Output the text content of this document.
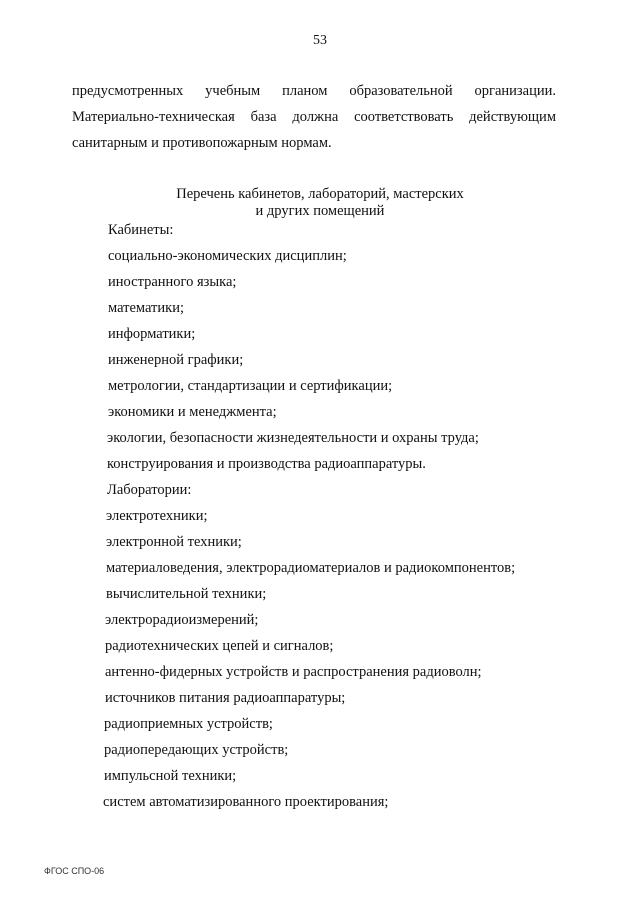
53
предусмотренных учебным планом образовательной организации.
Материально-техническая база должна соответствовать действующим
санитарным и противопожарным нормам.
Перечень кабинетов, лабораторий, мастерских
и других помещений
Кабинеты:
социально-экономических дисциплин;
иностранного языка;
математики;
информатики;
инженерной графики;
метрологии, стандартизации и сертификации;
экономики и менеджмента;
экологии, безопасности жизнедеятельности и охраны труда;
конструирования и производства радиоаппаратуры.
Лаборатории:
электротехники;
электронной техники;
материаловедения, электрорадиоматериалов и радиокомпонентов;
вычислительной техники;
электрорадиоизмерений;
радиотехнических цепей и сигналов;
антенно-фидерных устройств и распространения радиоволн;
источников питания радиоаппаратуры;
радиоприемных устройств;
радиопередающих устройств;
импульсной техники;
систем автоматизированного проектирования;
ФГОС СПО-06
